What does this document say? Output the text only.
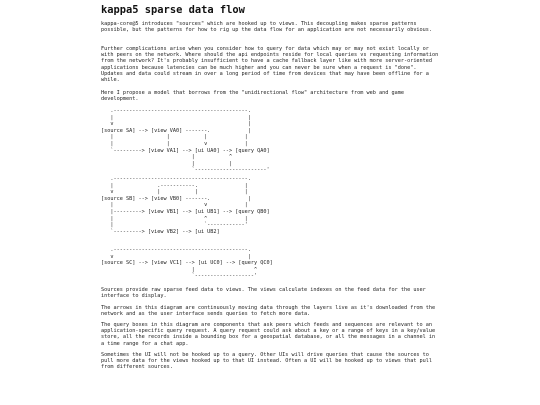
kappa5 sparse data flow

kappa-core@5 introduces "sources" which are hooked up to views. This decoupling makes sparse patterns possible, but the patterns for how to rig up the data flow for an application are not necessarily obvious.

Further complications arise when you consider how to query for data which may or may not exist locally or with peers on the network. Where should the api endpoints reside for local queries vs requesting information from the network? It's probably insufficient to have a cache fallback layer like with more server-oriented applications because latencies can be much higher and you can never be sure when a request is "done". Updates and data could stream in over a long period of time from devices that may have been offline for a while.

Here I propose a model that borrows from the "unidirectional flow" architecture from web and game development.

.-------------------------------------------.
|                                           |
v                                           |
[source SA] --> [view VA0] -------.            |
|                 |           |            |
|                 |           v            |
`---------> [view VA1] --> [ui UA0] --> [query QA0]
|           ^
|           |
`-----------------------'
.-------------------------------------------.
|              .-----------.               |
v              |           |               |
[source SB] --> [view VB0] -------.            |
|                             v            |
|---------> [view VB1] --> [ui UB1] --> [query QB0]
|                             ^            |
|                             `------------'
`---------> [view VB2] --> [ui UB2]
.-------------------------------------------.
v                                           |
[source SC] --> [view VC1] --> [ui UC0] --> [query QC0]
|                   ^
`-------------------'

Sources provide raw sparse feed data to views. The views calculate indexes on the feed data for the user interface to display.

The arrows in this diagram are continuously moving data through the layers live as it's downloaded from the network and as the user interface sends queries to fetch more data.

The query boxes in this diagram are components that ask peers which feeds and sequences are relevant to an application-specific query request. A query request could ask about a key or a range of keys in a key/value store, all the records inside a bounding box for a geospatial database, or all the messages in a channel in a time range for a chat app.

Sometimes the UI will not be hooked up to a query. Other UIs will drive queries that cause the sources to pull more data for the views hooked up to that UI instead. Often a UI will be hooked up to views that pull from different sources.
